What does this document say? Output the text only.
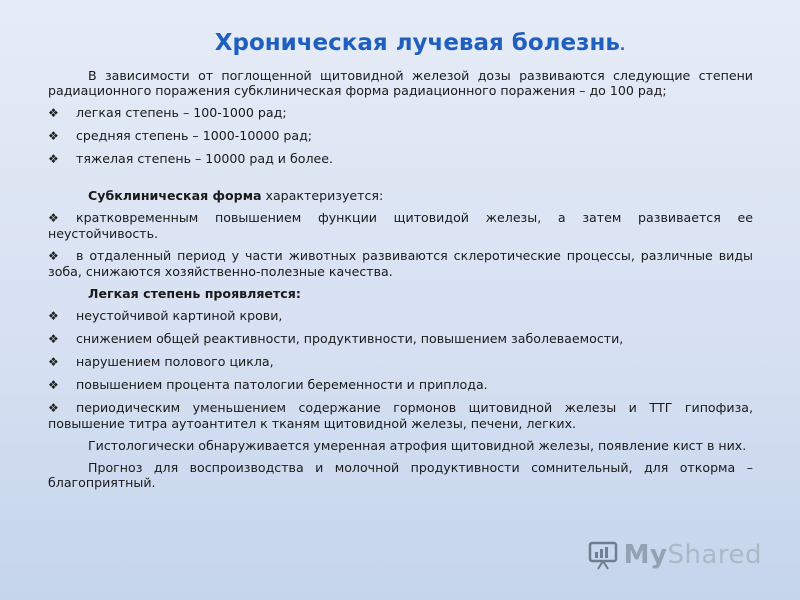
Хроническая лучевая болезнь.

В зависимости от поглощенной щитовидной железой дозы развиваются следующие степени радиационного поражения субклиническая форма радиационного поражения – до 100 рад;

❖ легкая степень – 100-1000 рад;
❖ средняя степень – 1000-10000 рад;
❖ тяжелая степень – 10000 рад и более.

Субклиническая форма характеризуется:

❖ кратковременным повышением функции щитовидой железы, а затем развивается ее неустойчивость.
❖ в отдаленный период у части животных развиваются склеротические процессы, различные виды зоба, снижаются хозяйственно-полезные качества.

Легкая степень проявляется:

❖ неустойчивой картиной крови,
❖ снижением общей реактивности, продуктивности, повышением заболеваемости,
❖ нарушением полового цикла,
❖ повышением процента патологии беременности и приплода.
❖ периодическим уменьшением содержание гормонов щитовидной железы и ТТГ гипофиза, повышение титра аутоантител к тканям щитовидной железы, печени, легких.

Гистологически обнаруживается умеренная атрофия щитовидной железы, появление кист в них.

Прогноз для воспроизводства и молочной продуктивности сомнительный, для откорма – благоприятный.

MyShared
